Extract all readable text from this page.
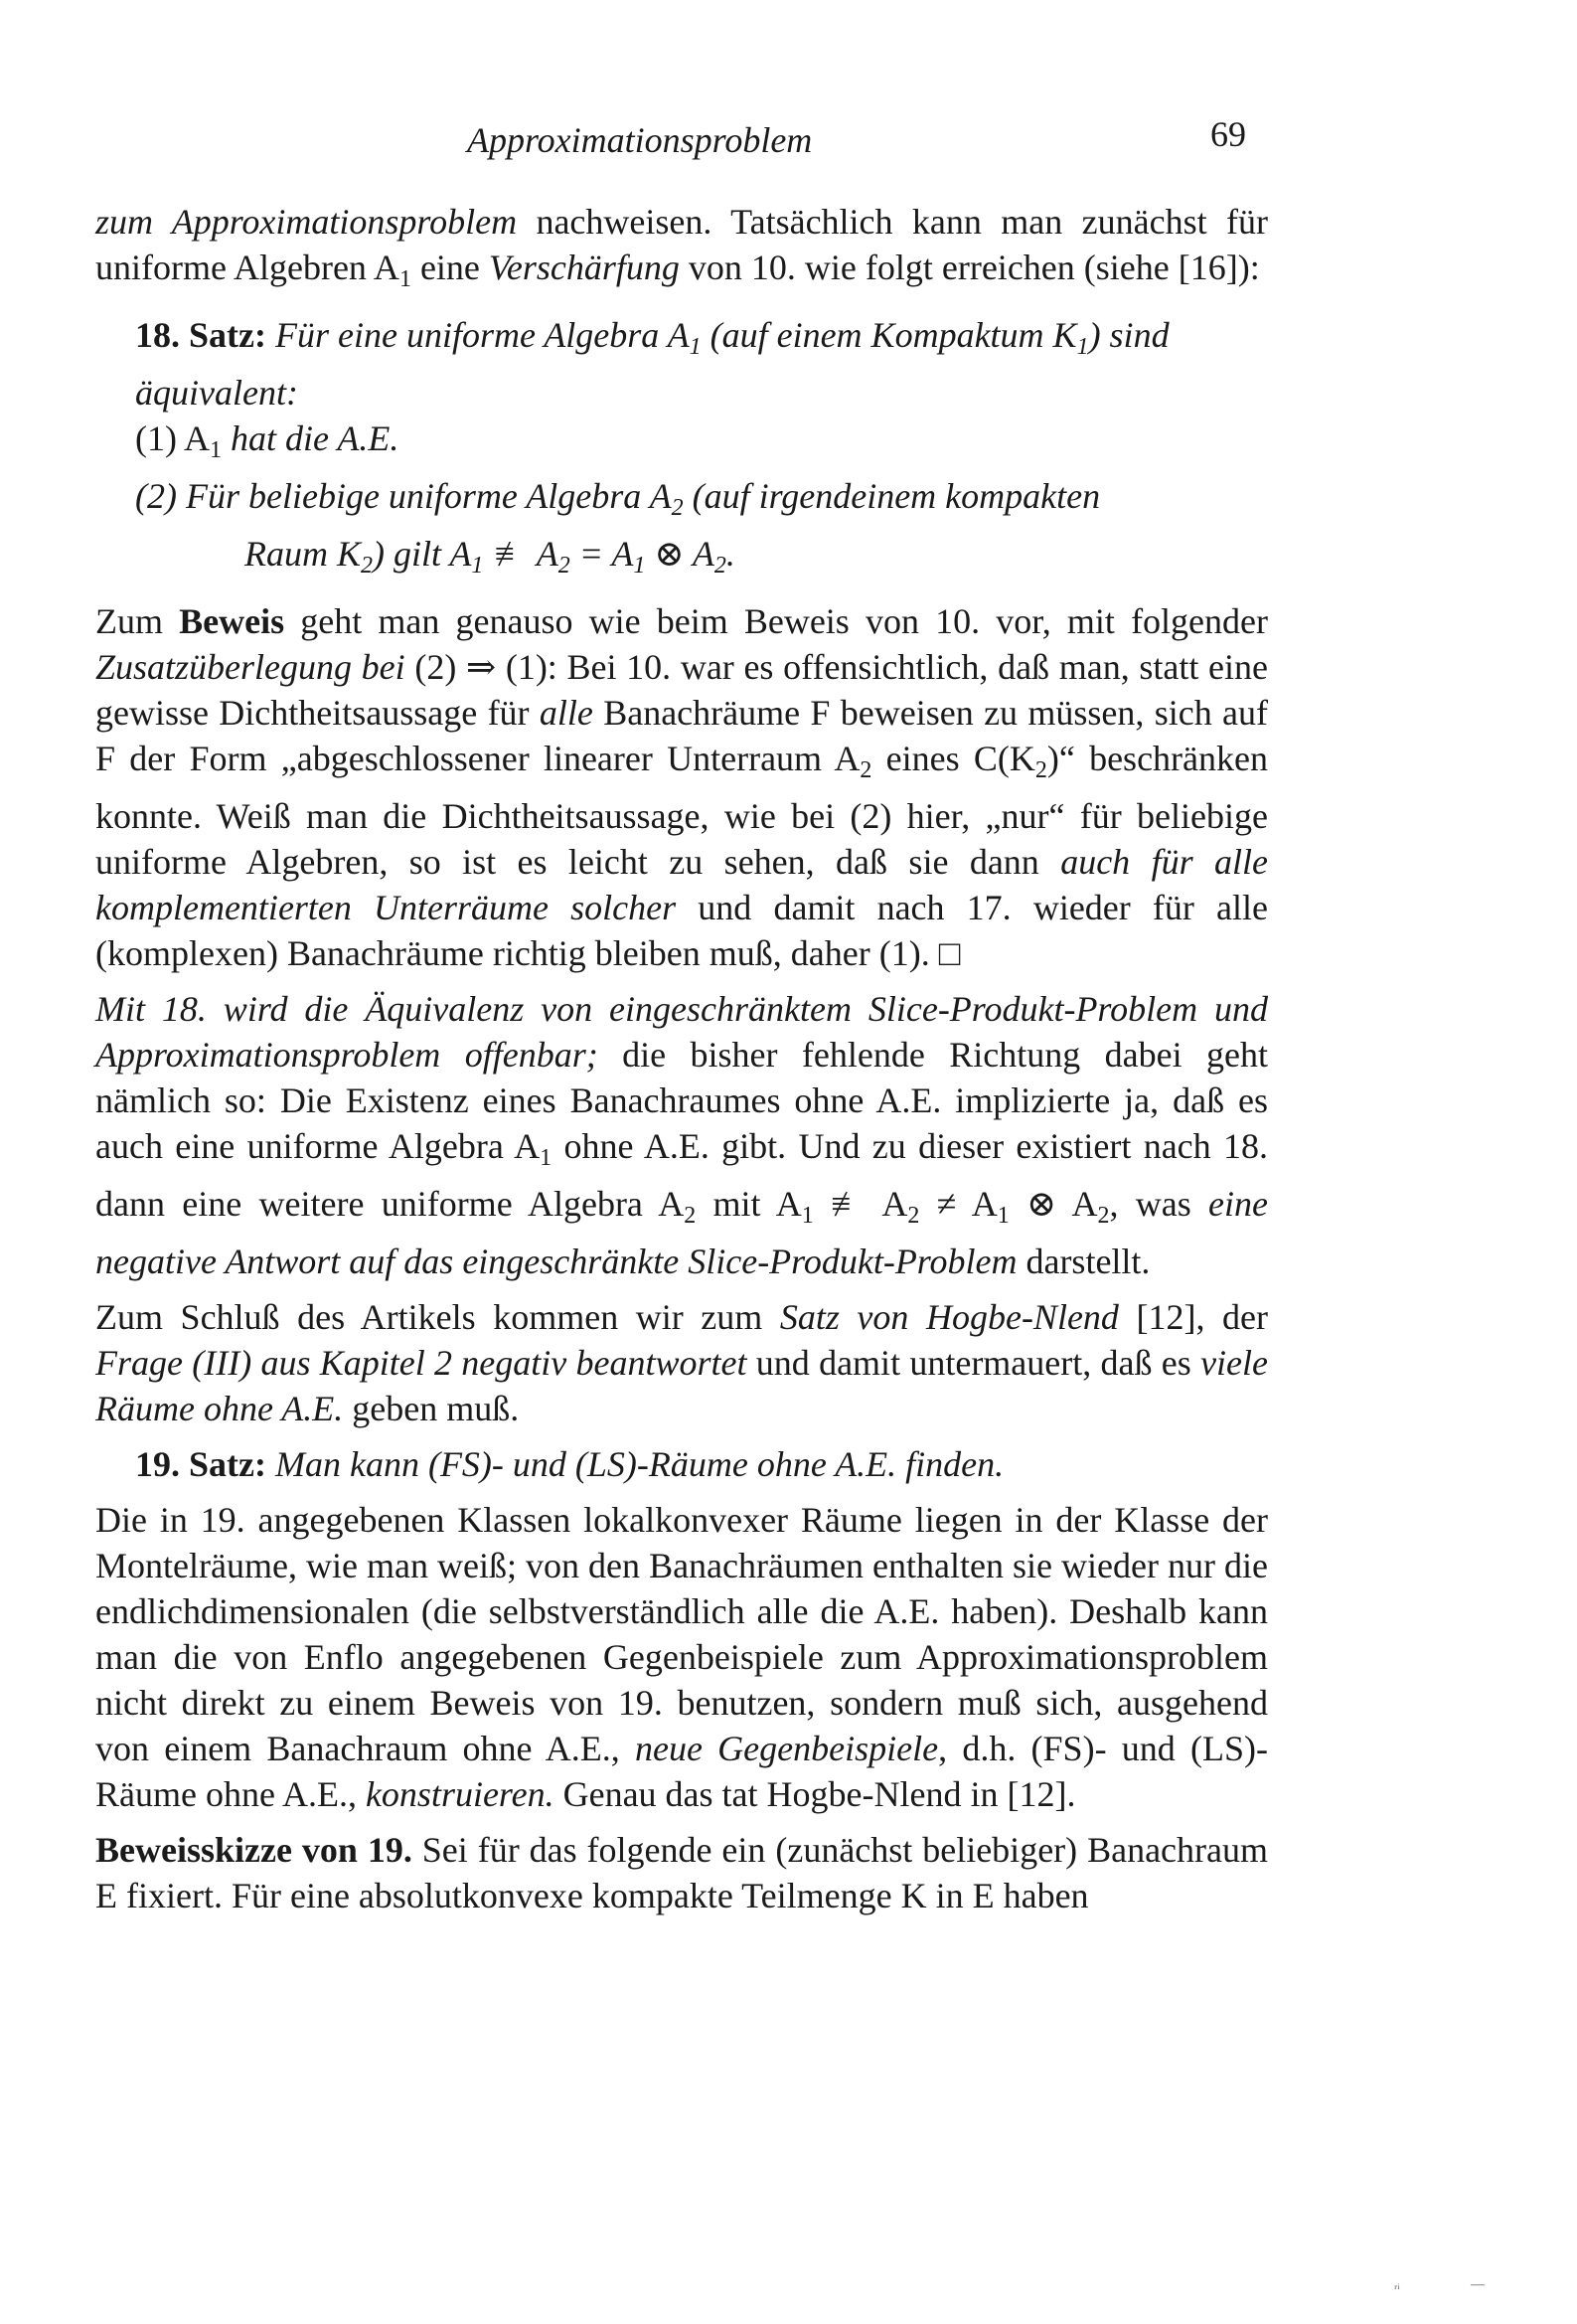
Approximationsproblem	69

zum Approximationsproblem nachweisen. Tatsächlich kann man zunächst für uniforme Algebren $A_1$ eine Verschärfung von 10. wie folgt erreichen (siehe [16]):

18. Satz: Für eine uniforme Algebra $A_1$ (auf einem Kompaktum $K_1$) sind äquivalent:
(1) $A_1$ hat die A.E.
(2) Für beliebige uniforme Algebra $A_2$ (auf irgendeinem kompakten
Raum $K_2$) gilt $A_1$ ≢ $A_2 = A_1$ ⊗ $A_2$.

Zum Beweis geht man genauso wie beim Beweis von 10. vor, mit folgender Zusatzüberlegung bei (2) ⇒ (1): Bei 10. war es offensichtlich, daß man, statt eine gewisse Dichtheitsaussage für alle Banachräume F beweisen zu müssen, sich auf F der Form „abgeschlossener linearer Unterraum $A_2$ eines $C(K_2)“$ beschränken konnte. Weiß man die Dichtheitsaussage, wie bei (2) hier, „nur“ für beliebige uniforme Algebren, so ist es leicht zu sehen, daß sie dann auch für alle komplementierten Unterräume solcher und damit nach 17. wieder für alle (komplexen) Banachräume richtig bleiben muß, daher (1). □

Mit 18. wird die Äquivalenz von eingeschränktem Slice-Produkt-Problem und Approximationsproblem offenbar; die bisher fehlende Richtung dabei geht nämlich so: Die Existenz eines Banachraumes ohne A.E. implizierte ja, daß es auch eine uniforme Algebra $A_1$ ohne A.E. gibt. Und zu dieser existiert nach 18. dann eine weitere uniforme Algebra $A_2$ mit $A_1$ ≢ $A_2 \ne A_1$ ⊗ $A_2$, was eine negative Antwort auf das eingeschränkte Slice-Produkt-Problem darstellt.

Zum Schluß des Artikels kommen wir zum Satz von Hogbe-Nlend [12], der Frage (III) aus Kapitel 2 negativ beantwortet und damit untermauert, daß es viele Räume ohne A.E. geben muß.

19. Satz: Man kann (FS)- und (LS)-Räume ohne A.E. finden.

Die in 19. angegebenen Klassen lokalkonvexer Räume liegen in der Klasse der Montelräume, wie man weiß; von den Banachräumen enthalten sie wieder nur die endlichdimensionalen (die selbstverständlich alle die A.E. haben). Deshalb kann man die von Enflo angegebenen Gegenbeispiele zum Approximationsproblem nicht direkt zu einem Beweis von 19. benutzen, sondern muß sich, ausgehend von einem Banachraum ohne A.E., neue Gegenbeispiele, d.h. (FS)- und (LS)-Räume ohne A.E., konstruieren. Genau das tat Hogbe-Nlend in [12].

Beweisskizze von 19. Sei für das folgende ein (zunächst beliebiger) Banachraum E fixiert. Für eine absolutkonvexe kompakte Teilmenge K in E haben

ᵣᵢ	—
